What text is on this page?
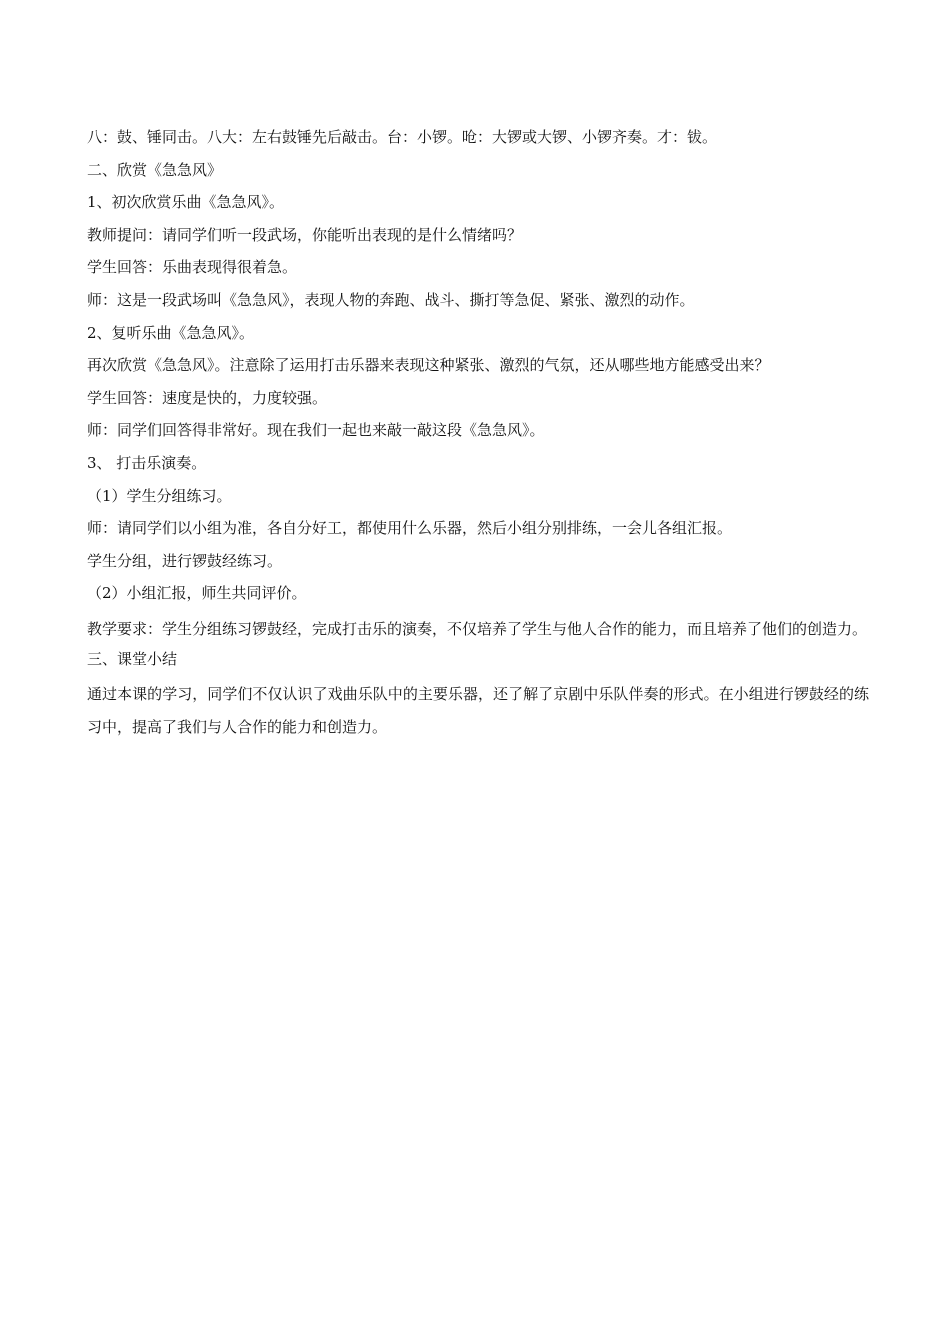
八：鼓、锤同击。八大：左右鼓锤先后敲击。台：小锣。呛：大锣或大锣、小锣齐奏。才：钹。
二、欣赏《急急风》
1、初次欣赏乐曲《急急风》。
教师提问：请同学们听一段武场，你能听出表现的是什么情绪吗？
学生回答：乐曲表现得很着急。
师：这是一段武场叫《急急风》，表现人物的奔跑、战斗、撕打等急促、紧张、激烈的动作。
2、复听乐曲《急急风》。
再次欣赏《急急风》。注意除了运用打击乐器来表现这种紧张、激烈的气氛，还从哪些地方能感受出来？
学生回答：速度是快的，力度较强。
师：同学们回答得非常好。现在我们一起也来敲一敲这段《急急风》。
3、 打击乐演奏。
（1）学生分组练习。
师：请同学们以小组为准，各自分好工，都使用什么乐器，然后小组分别排练，一会儿各组汇报。
学生分组，进行锣鼓经练习。
（2）小组汇报，师生共同评价。
教学要求：学生分组练习锣鼓经，完成打击乐的演奏，不仅培养了学生与他人合作的能力，而且培养了他们的创造力。
三、课堂小结
通过本课的学习，同学们不仅认识了戏曲乐队中的主要乐器，还了解了京剧中乐队伴奏的形式。在小组进行锣鼓经的练习中，提高了我们与人合作的能力和创造力。
